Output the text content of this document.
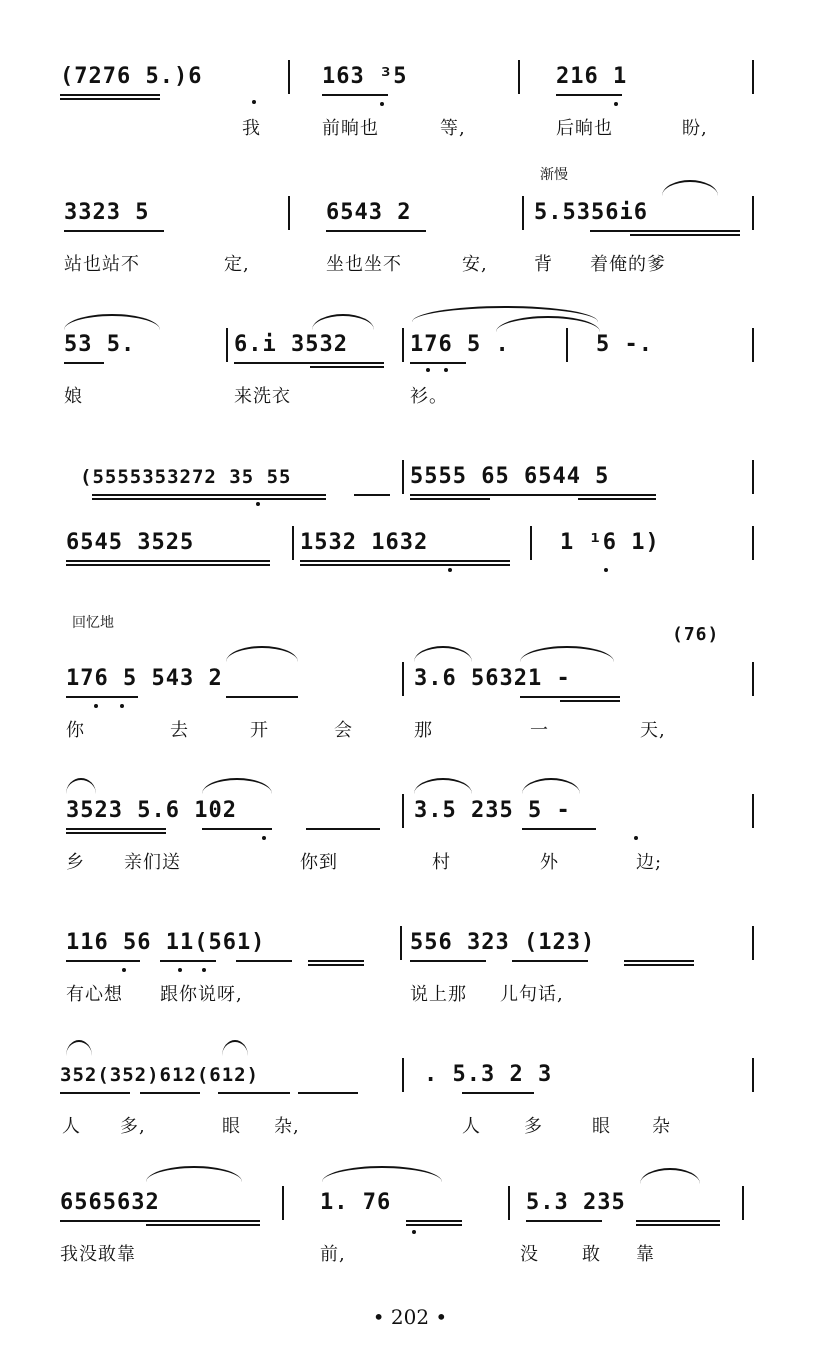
(7276 5.)6	163 ³5	216 1
我	前晌也	等,	后晌也	盼,
渐慢
3323 5	6543 2	5.5356i6
站也站不	定,	坐也坐不	安,	背 着俺的爹
53 5.	6.i 3532	176 5 .	5 -.
娘	来洗衣	衫。
(5555353272 35 55	5555 65 6544 5
6545 3525	1532 1632	1 ¹6 1)
回忆地
(76)
176 5 543 2	3.6 56321 -
你	去	开	会	那	一	天,
3523 5.6 102	3.5 235 5 -
乡 亲们送	你到	村	外	边;
116 56 11(561)	556 323 (123)
有心想 跟你说呀,	说上那 儿句话,
352(352)612(612)	. 5.3 2 3
人 多,	眼 杂,	人 多	眼 杂
6565632	1. 76	5.3 235
我没敢靠	前,	没 敢 靠
• 202 •
